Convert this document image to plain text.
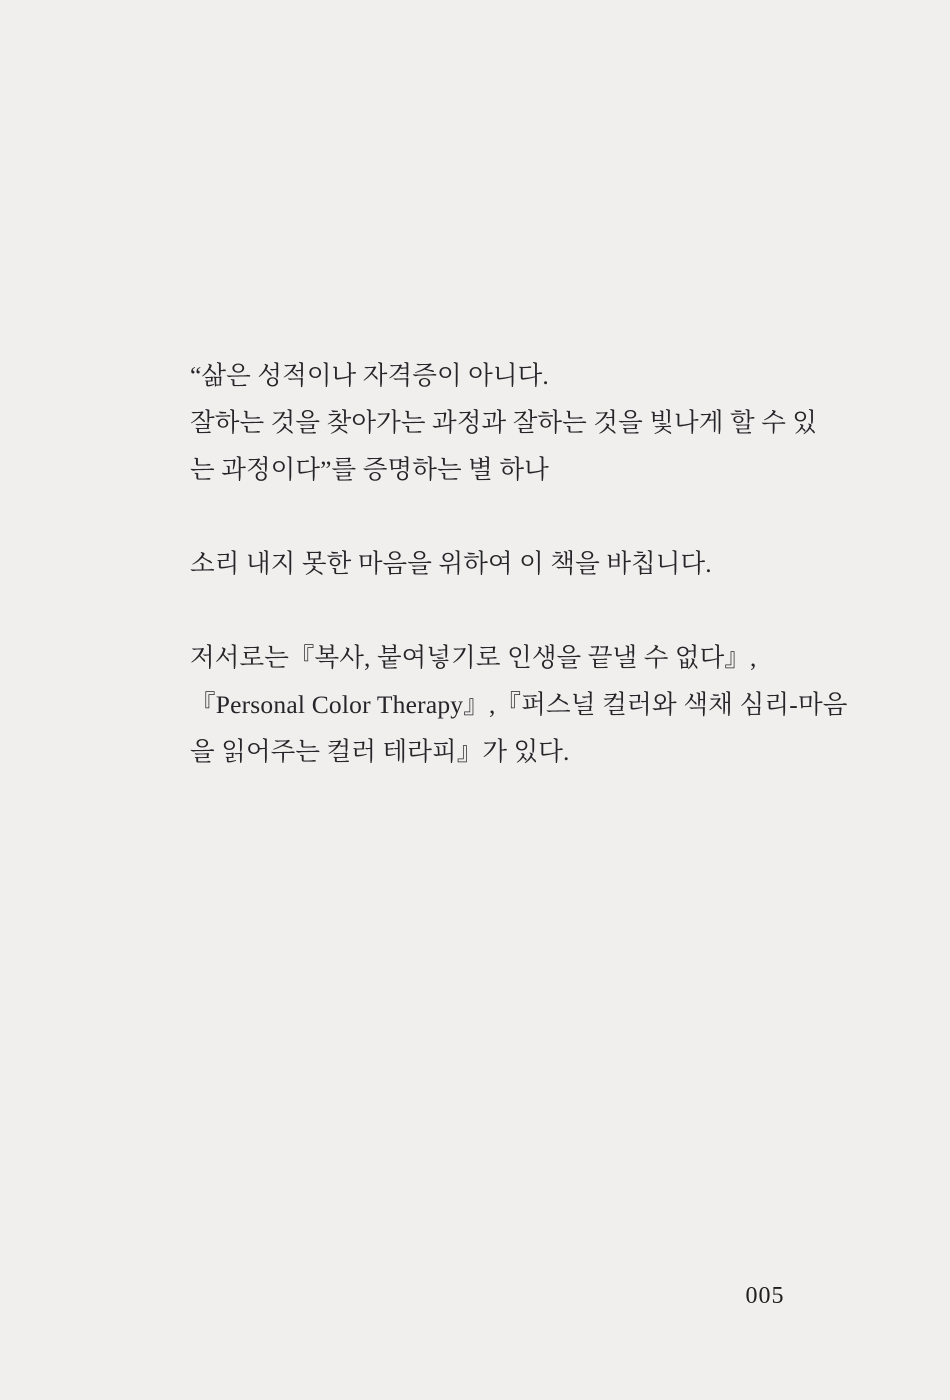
“삶은 성적이나 자격증이 아니다.
잘하는 것을 찾아가는 과정과 잘하는 것을 빛나게 할 수 있
는 과정이다”를 증명하는 별 하나
소리 내지 못한 마음을 위하여 이 책을 바칩니다.
저서로는『복사, 붙여넣기로 인생을 끝낼 수 없다』,
『Personal Color Therapy』,『퍼스널 컬러와 색채 심리-마음
을 읽어주는 컬러 테라피』가 있다.
005
